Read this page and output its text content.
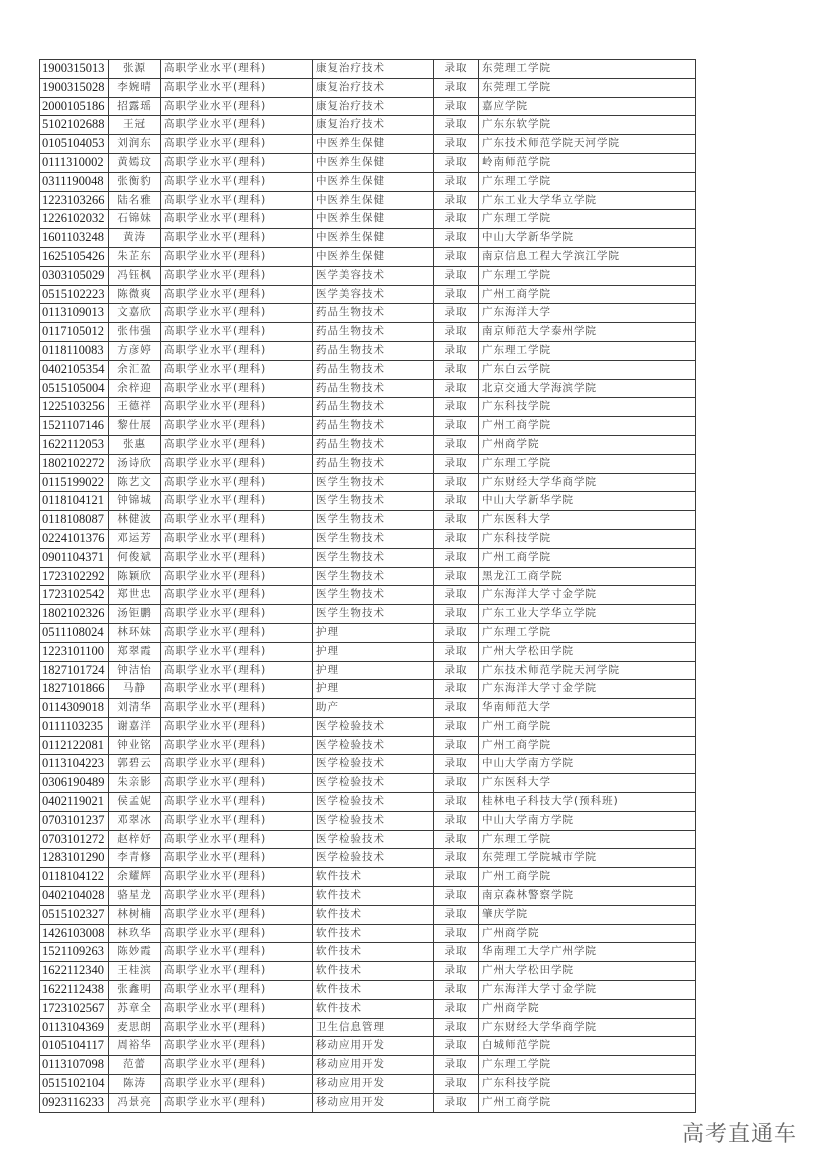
1900315013	张源	高职学业水平(理科)	康复治疗技术	录取	东莞理工学院
1900315028	李婉晴	高职学业水平(理科)	康复治疗技术	录取	东莞理工学院
2000105186	招露瑶	高职学业水平(理科)	康复治疗技术	录取	嘉应学院
5102102688	王冠	高职学业水平(理科)	康复治疗技术	录取	广东东软学院
0105104053	刘润东	高职学业水平(理科)	中医养生保健	录取	广东技术师范学院天河学院
0111310002	黄嫣玟	高职学业水平(理科)	中医养生保健	录取	岭南师范学院
0311190048	张衡豹	高职学业水平(理科)	中医养生保健	录取	广东理工学院
1223103266	陆名雅	高职学业水平(理科)	中医养生保健	录取	广东工业大学华立学院
1226102032	石锦妹	高职学业水平(理科)	中医养生保健	录取	广东理工学院
1601103248	黄涛	高职学业水平(理科)	中医养生保健	录取	中山大学新华学院
1625105426	朱芷东	高职学业水平(理科)	中医养生保健	录取	南京信息工程大学滨江学院
0303105029	冯钰枫	高职学业水平(理科)	医学美容技术	录取	广东理工学院
0515102223	陈微爽	高职学业水平(理科)	医学美容技术	录取	广州工商学院
0113109013	文嘉欣	高职学业水平(理科)	药品生物技术	录取	广东海洋大学
0117105012	张伟强	高职学业水平(理科)	药品生物技术	录取	南京师范大学泰州学院
0118110083	方彦婷	高职学业水平(理科)	药品生物技术	录取	广东理工学院
0402105354	余汇盈	高职学业水平(理科)	药品生物技术	录取	广东白云学院
0515105004	余梓迎	高职学业水平(理科)	药品生物技术	录取	北京交通大学海滨学院
1225103256	王德祥	高职学业水平(理科)	药品生物技术	录取	广东科技学院
1521107146	黎仕展	高职学业水平(理科)	药品生物技术	录取	广州工商学院
1622112053	张惠	高职学业水平(理科)	药品生物技术	录取	广州商学院
1802102272	汤诗欣	高职学业水平(理科)	药品生物技术	录取	广东理工学院
0115199022	陈艺文	高职学业水平(理科)	医学生物技术	录取	广东财经大学华商学院
0118104121	钟锦城	高职学业水平(理科)	医学生物技术	录取	中山大学新华学院
0118108087	林健波	高职学业水平(理科)	医学生物技术	录取	广东医科大学
0224101376	邓运芳	高职学业水平(理科)	医学生物技术	录取	广东科技学院
0901104371	何俊斌	高职学业水平(理科)	医学生物技术	录取	广州工商学院
1723102292	陈颖欣	高职学业水平(理科)	医学生物技术	录取	黑龙江工商学院
1723102542	郑世忠	高职学业水平(理科)	医学生物技术	录取	广东海洋大学寸金学院
1802102326	汤钜鹏	高职学业水平(理科)	医学生物技术	录取	广东工业大学华立学院
0511108024	林环妹	高职学业水平(理科)	护理	录取	广东理工学院
1223101100	郑翠霞	高职学业水平(理科)	护理	录取	广州大学松田学院
1827101724	钟洁怡	高职学业水平(理科)	护理	录取	广东技术师范学院天河学院
1827101866	马静	高职学业水平(理科)	护理	录取	广东海洋大学寸金学院
0114309018	刘清华	高职学业水平(理科)	助产	录取	华南师范大学
0111103235	谢嘉洋	高职学业水平(理科)	医学检验技术	录取	广州工商学院
0112122081	钟业铭	高职学业水平(理科)	医学检验技术	录取	广州工商学院
0113104223	郭碧云	高职学业水平(理科)	医学检验技术	录取	中山大学南方学院
0306190489	朱亲影	高职学业水平(理科)	医学检验技术	录取	广东医科大学
0402119021	侯孟妮	高职学业水平(理科)	医学检验技术	录取	桂林电子科技大学(预科班)
0703101237	邓翠冰	高职学业水平(理科)	医学检验技术	录取	中山大学南方学院
0703101272	赵梓妤	高职学业水平(理科)	医学检验技术	录取	广东理工学院
1283101290	李青修	高职学业水平(理科)	医学检验技术	录取	东莞理工学院城市学院
0118104122	余耀辉	高职学业水平(理科)	软件技术	录取	广州工商学院
0402104028	骆星龙	高职学业水平(理科)	软件技术	录取	南京森林警察学院
0515102327	林树楠	高职学业水平(理科)	软件技术	录取	肇庆学院
1426103008	林玖华	高职学业水平(理科)	软件技术	录取	广州商学院
1521109263	陈妙霞	高职学业水平(理科)	软件技术	录取	华南理工大学广州学院
1622112340	王桂滨	高职学业水平(理科)	软件技术	录取	广州大学松田学院
1622112438	张鑫明	高职学业水平(理科)	软件技术	录取	广东海洋大学寸金学院
1723102567	苏章全	高职学业水平(理科)	软件技术	录取	广州商学院
0113104369	麦思朗	高职学业水平(理科)	卫生信息管理	录取	广东财经大学华商学院
0105104117	周裕华	高职学业水平(理科)	移动应用开发	录取	白城师范学院
0113107098	范蕾	高职学业水平(理科)	移动应用开发	录取	广东理工学院
0515102104	陈涛	高职学业水平(理科)	移动应用开发	录取	广东科技学院
0923116233	冯景亮	高职学业水平(理科)	移动应用开发	录取	广州工商学院
高考直通车
